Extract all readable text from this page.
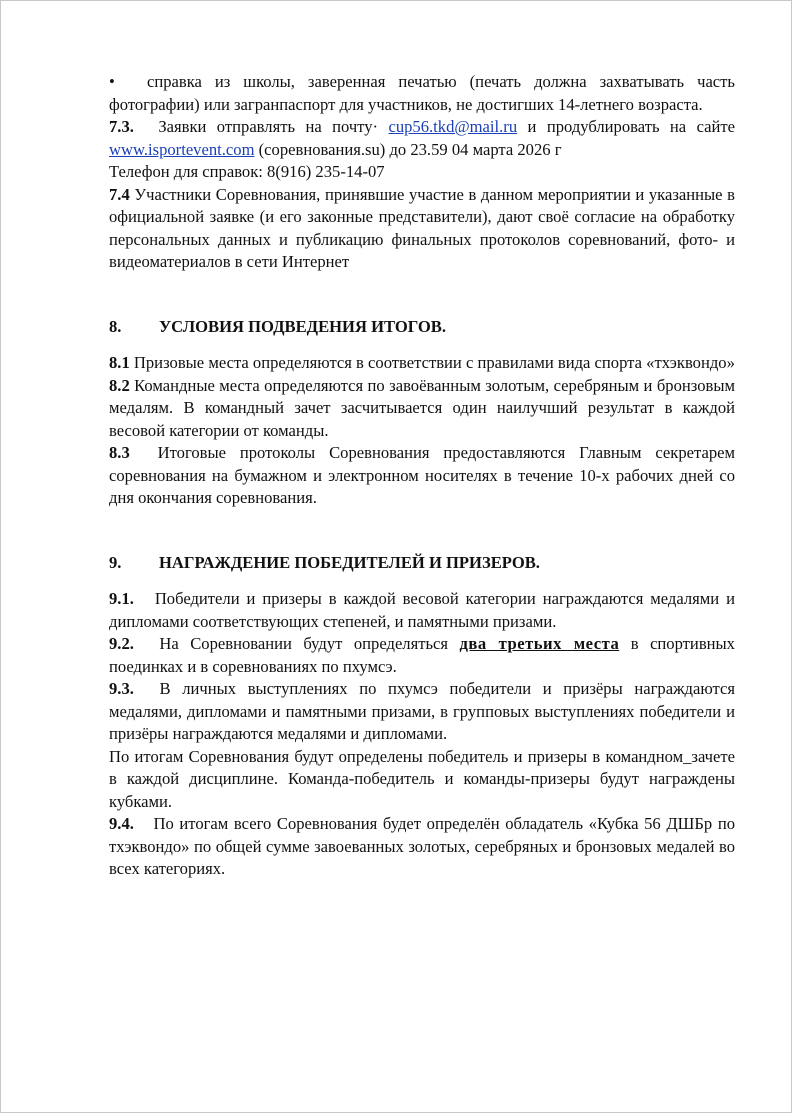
• справка из школы, заверенная печатью (печать должна захватывать часть фотографии) или загранпаспорт для участников, не достигших 14-летнего возраста.

7.3. Заявки отправлять на почту· cup56.tkd@mail.ru и продублировать на сайте www.isportevent.com (соревнования.su) до 23.59 04 марта 2026 г

Телефон для справок: 8(916) 235-14-07

7.4 Участники Соревнования, принявшие участие в данном мероприятии и указанные в официальной заявке (и его законные представители), дают своё согласие на обработку персональных данных и публикацию финальных протоколов соревнований, фото- и видеоматериалов в сети Интернет

8.	УСЛОВИЯ ПОДВЕДЕНИЯ ИТОГОВ.

8.1 Призовые места определяются в соответствии с правилами вида спорта «тхэквондо»

8.2 Командные места определяются по завоёванным золотым, серебряным и бронзовым медалям. В командный зачет засчитывается один наилучший результат в каждой весовой категории от команды.

8.3 Итоговые протоколы Соревнования предоставляются Главным секретарем соревнования на бумажном и электронном носителях в течение 10-х рабочих дней со дня окончания соревнования.

9.	НАГРАЖДЕНИЕ ПОБЕДИТЕЛЕЙ И ПРИЗЕРОВ.

9.1. Победители и призеры в каждой весовой категории награждаются медалями и дипломами соответствующих степеней, и памятными призами.

9.2. На Соревновании будут определяться два третьих места в спортивных поединках и в соревнованиях по пхумсэ.

9.3. В личных выступлениях по пхумсэ победители и призёры награждаются медалями, дипломами и памятными призами, в групповых выступлениях победители и призёры награждаются медалями и дипломами.

По итогам Соревнования будут определены победитель и призеры в командном_зачете в каждой дисциплине. Команда-победитель и команды-призеры будут награждены кубками.

9.4. По итогам всего Соревнования будет определён обладатель «Кубка 56 ДШБр по тхэквондо» по общей сумме завоеванных золотых, серебряных и бронзовых медалей во всех категориях.
